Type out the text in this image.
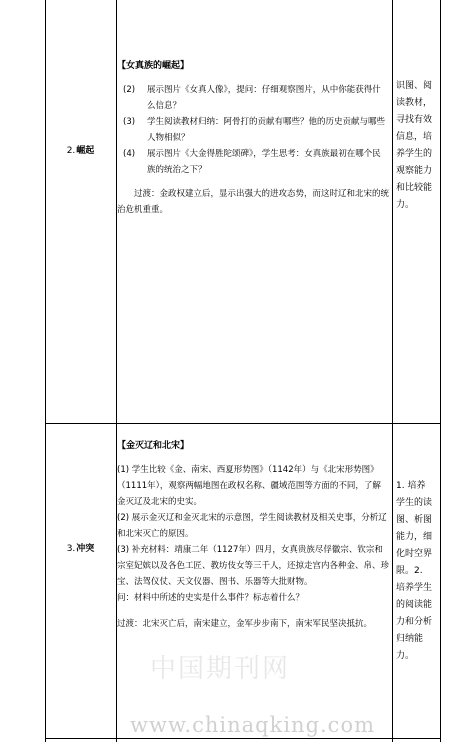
2.崛起
【女真族的崛起】
(2) 展示图片《女真人像》，提问：仔细观察图片，从中你能获得什么信息？
(3) 学生阅读教材归纳：阿骨打的贡献有哪些？他的历史贡献与哪些人物相似？
(4) 展示图片《大金得胜陀颂碑》，学生思考：女真族最初在哪个民族的统治之下？
过渡：金政权建立后，显示出强大的进攻态势，而这时辽和北宋的统治危机重重。
识图、阅读教材，寻找有效信息，培养学生的观察能力和比较能力。
3.冲突
【金灭辽和北宋】
(1) 学生比较《金、南宋、西夏形势图》（1142年）与《北宋形势图》（1111年），观察两幅地图在政权名称、疆域范围等方面的不同，了解金灭辽及北宋的史实。
(2) 展示金灭辽和金灭北宋的示意图，学生阅读教材及相关史事，分析辽和北宋灭亡的原因。
(3) 补充材料：靖康二年（1127年）四月，女真贵族尽俘徽宗、钦宗和宗室妃嫔以及各色工匠、教坊伎女等三千人，还掠走宫内各种金、帛、珍宝、法驾仪仗、天文仪器、图书、乐器等大批财物。
问：材料中所述的史实是什么事件？标志着什么？
过渡：北宋灭亡后，南宋建立，金军步步南下，南宋军民坚决抵抗。
1. 培养学生的读图、析图能力，细化时空界限。2. 培养学生的阅读能力和分析归纳能力。
中国期刊网
www.chinaqking.com
